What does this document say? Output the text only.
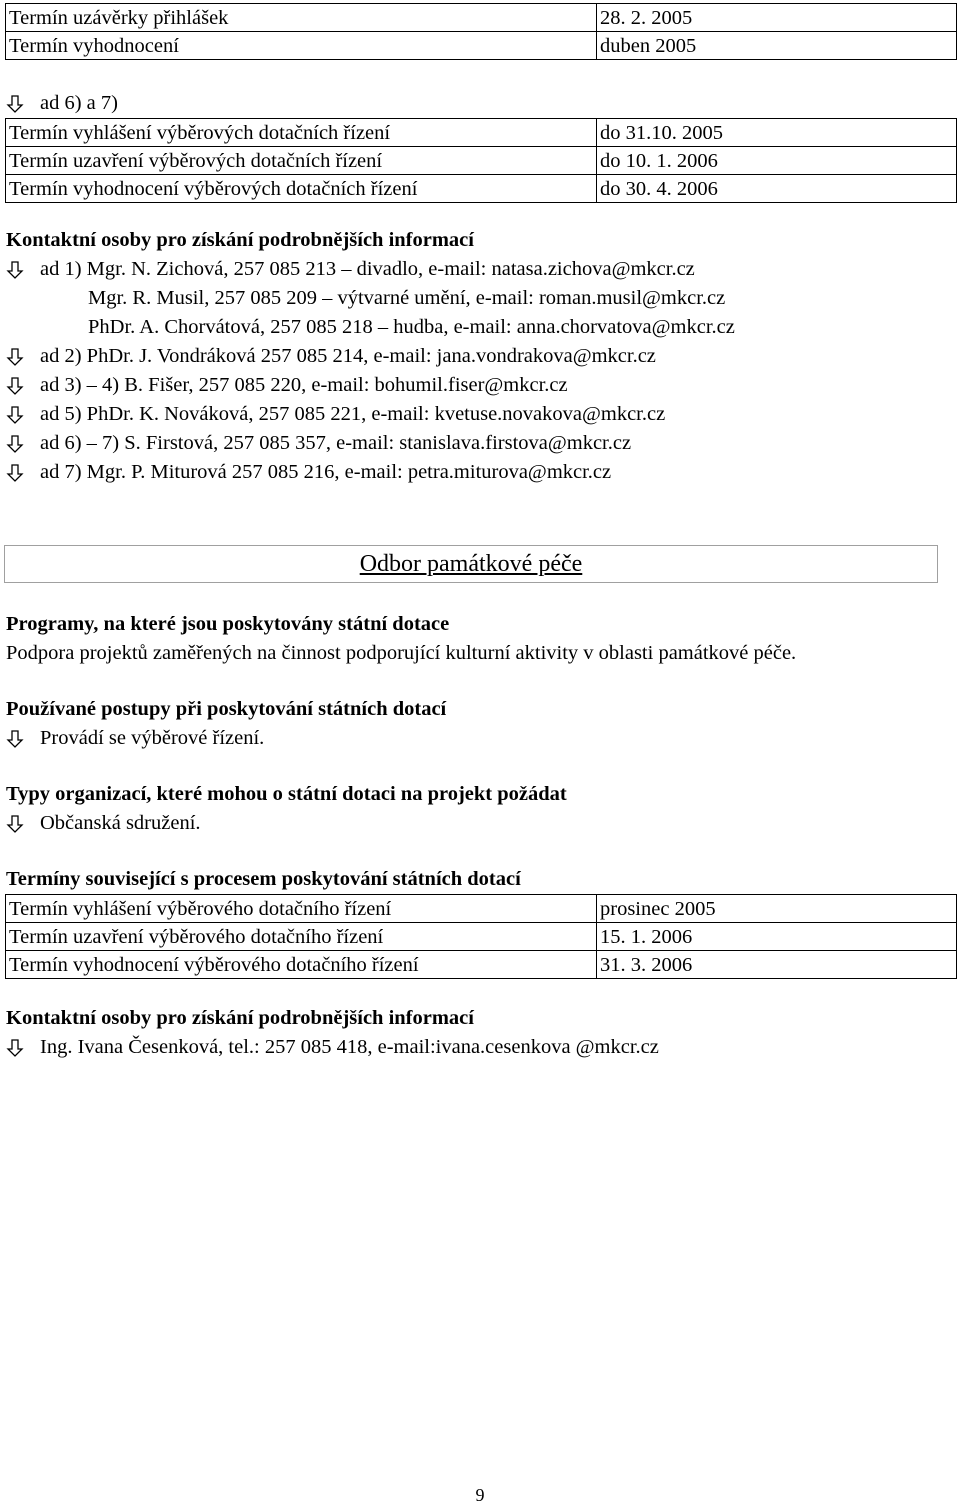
Termín uzávěrky přihlášek	28. 2. 2005
Termín vyhodnocení	duben 2005
ad 6) a 7)
Termín vyhlášení výběrových dotačních řízení	do 31.10. 2005
Termín uzavření výběrových dotačních řízení	do 10. 1. 2006
Termín vyhodnocení výběrových dotačních řízení	do 30. 4. 2006
Kontaktní osoby pro získání podrobnějších informací
ad 1) Mgr. N. Zichová, 257 085 213 – divadlo, e-mail: natasa.zichova@mkcr.cz
Mgr. R. Musil, 257 085 209 – výtvarné umění, e-mail: roman.musil@mkcr.cz
PhDr. A. Chorvátová, 257 085 218 – hudba, e-mail: anna.chorvatova@mkcr.cz
ad 2) PhDr. J. Vondráková 257 085 214, e-mail: jana.vondrakova@mkcr.cz
ad 3) – 4) B. Fišer, 257 085 220, e-mail: bohumil.fiser@mkcr.cz
ad 5) PhDr. K. Nováková, 257 085 221, e-mail: kvetuse.novakova@mkcr.cz
ad 6) – 7) S. Firstová, 257 085 357, e-mail: stanislava.firstova@mkcr.cz
ad 7) Mgr. P. Miturová 257 085 216, e-mail: petra.miturova@mkcr.cz
Odbor památkové péče
Programy, na které jsou poskytovány státní dotace
Podpora projektů zaměřených na činnost podporující kulturní aktivity v oblasti památkové péče.
Používané postupy při poskytování státních dotací
Provádí se výběrové řízení.
Typy organizací, které mohou o státní dotaci na projekt požádat
Občanská sdružení.
Termíny související s procesem poskytování státních dotací
Termín vyhlášení výběrového dotačního řízení	prosinec 2005
Termín uzavření výběrového dotačního řízení	15. 1. 2006
Termín vyhodnocení výběrového dotačního řízení	31. 3. 2006
Kontaktní osoby pro získání podrobnějších informací
Ing. Ivana Česenková, tel.: 257 085 418, e-mail:ivana.cesenkova @mkcr.cz
9
